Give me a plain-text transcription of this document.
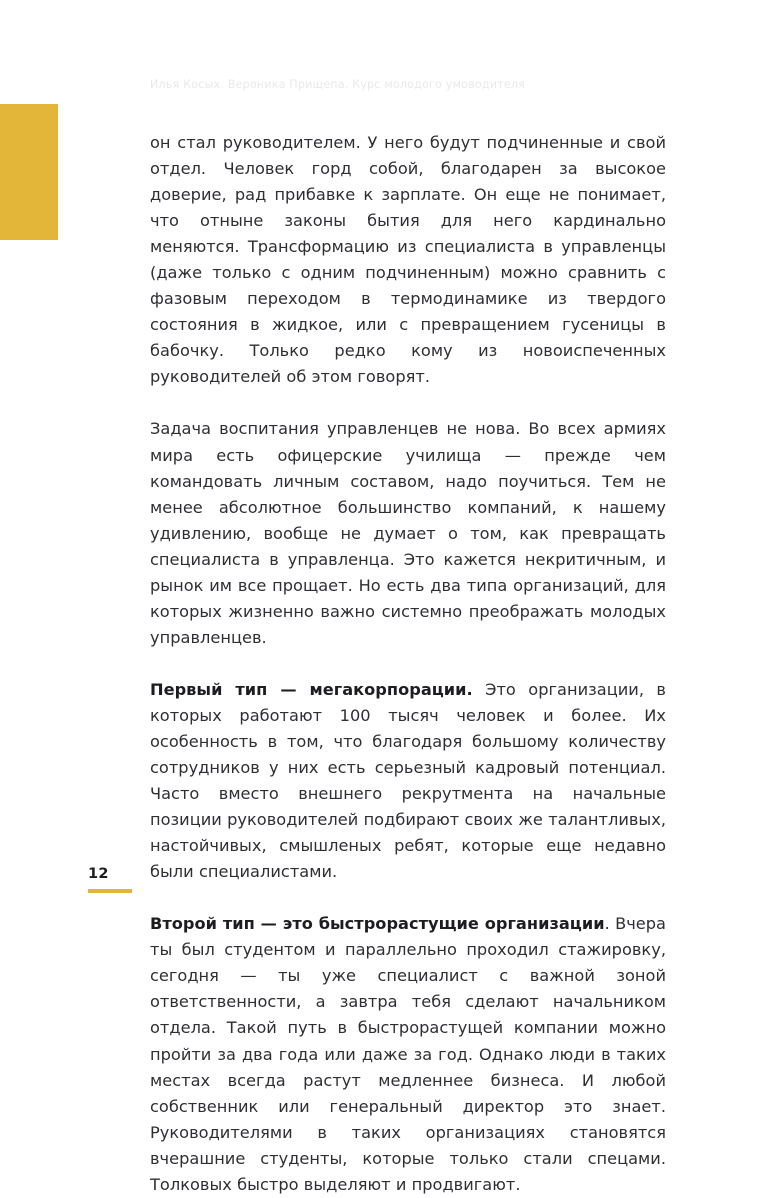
Илья Косых. Вероника Прищепа. Курс молодого умоводителя

он стал руководителем. У него будут подчиненные и свой отдел. Человек горд собой, благодарен за высокое доверие, рад прибавке к зарплате. Он еще не понимает, что отныне законы бытия для него кардинально меняются. Трансформацию из специалиста в управленцы (даже только с одним подчиненным) можно сравнить с фазовым переходом в термодинамике из твердого состояния в жидкое, или с превращением гусеницы в бабочку. Только редко кому из новоиспеченных руководителей об этом говорят.

Задача воспитания управленцев не нова. Во всех армиях мира есть офицерские училища — прежде чем командовать личным составом, надо поучиться. Тем не менее абсолютное большинство компаний, к нашему удивлению, вообще не думает о том, как превращать специалиста в управленца. Это кажется некритичным, и рынок им все прощает. Но есть два типа организаций, для которых жизненно важно системно преображать молодых управленцев.

Первый тип — мегакорпорации. Это организации, в которых работают 100 тысяч человек и более. Их особенность в том, что благодаря большому количеству сотрудников у них есть серьезный кадровый потенциал. Часто вместо внешнего рекрутмента на начальные позиции руководителей подбирают своих же талантливых, настойчивых, смышленых ребят, которые еще недавно были специалистами.

Второй тип — это быстрорастущие организации. Вчера ты был студентом и параллельно проходил стажировку, сегодня — ты уже специалист с важной зоной ответственности, а завтра тебя сделают начальником отдела. Такой путь в быстрорастущей компании можно пройти за два года или даже за год. Однако люди в таких местах всегда растут медленнее бизнеса. И любой собственник или генеральный директор это знает. Руководителями в таких организациях становятся вчерашние студенты, которые только стали спецами. Толковых быстро выделяют и продвигают.

12
